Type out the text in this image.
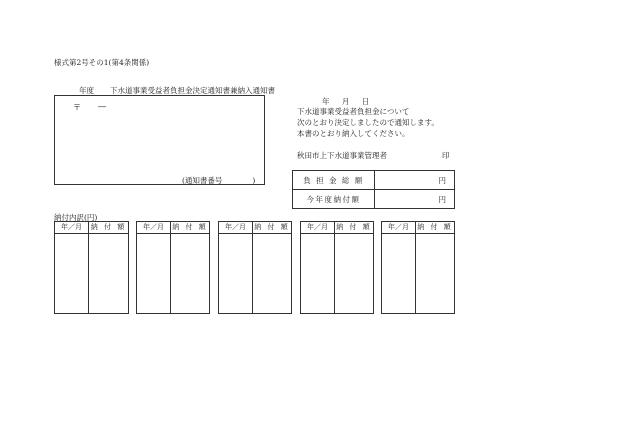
様式第2号その1(第4条関係)
年度 下水道事業受益者負担金決定通知書兼納入通知書
〒 ―
(通知書番号　　　　)
年 月 日
下水道事業受益者負担金について
次のとおり決定しましたので通知します。
本書のとおり納入してください。
秋田市上下水道事業管理者	印
負 担 金 総 額	円
今年度納付額	円
納付内訳(円)
年／月	納 付 額	年／月	納 付 額	年／月	納 付 額	年／月	納 付 額	年／月	納 付 額
